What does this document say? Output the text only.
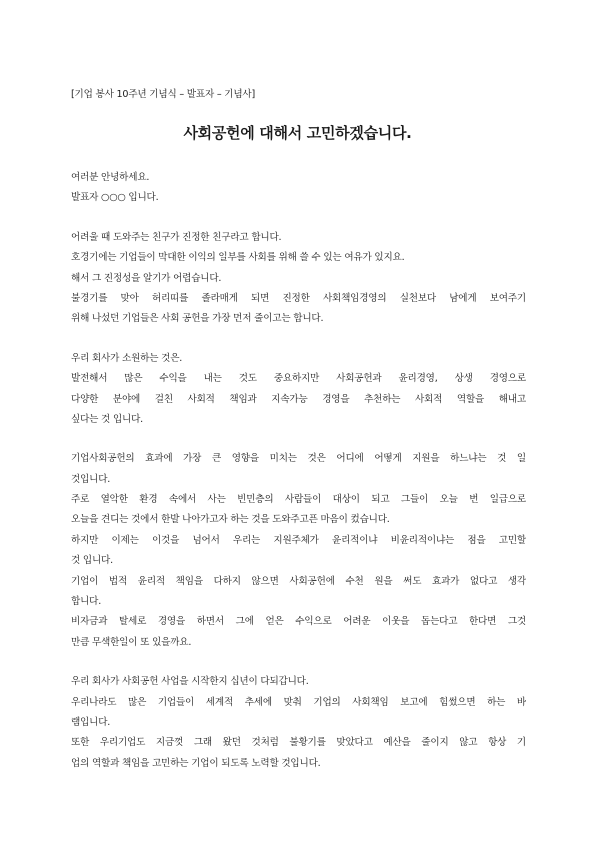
[기업 봉사 10주년 기념식 – 발표자 – 기념사]
사회공헌에 대해서 고민하겠습니다.
여러분 안녕하세요.
발표자 ○○○ 입니다.
어려울 때 도와주는 친구가 진정한 친구라고 합니다.
호경기에는 기업들이 막대한 이익의 일부를 사회를 위해 쓸 수 있는 여유가 있지요.
해서 그 진정성을 알기가 어렵습니다.
불경기를 맞아 허리띠를 졸라매게 되면 진정한 사회책임경영의 실천보다 남에게 보여주기
위해 나섰던 기업들은 사회 공헌을 가장 먼저 줄이고는 합니다.
우리 회사가 소원하는 것은.
발전해서 많은 수익을 내는 것도 중요하지만 사회공헌과 윤리경영, 상생 경영으로
다양한 분야에 걸친 사회적 책임과 지속가능 경영을 추천하는 사회적 역할을 해내고
싶다는 것 입니다.
기업사회공헌의 효과에 가장 큰 영향을 미치는 것은 어디에 어떻게 지원을 하느냐는 것 일
것입니다.
주로 열악한 환경 속에서 사는 빈민층의 사람들이 대상이 되고 그들이 오늘 번 일급으로
오늘을 견디는 것에서 한발 나아가고자 하는 것을 도와주고픈 마음이 컸습니다.
하지만 이제는 이것을 넘어서 우리는 지원주체가 윤리적이냐 비윤리적이냐는 점을 고민할
것 입니다.
기업이 법적 윤리적 책임을 다하지 않으면 사회공헌에 수천 원을 써도 효과가 없다고 생각
합니다.
비자금과 탈세로 경영을 하면서 그에 얻은 수익으로 어려운 이웃을 돕는다고 한다면 그것
만큼 무색한일이 또 있을까요.
우리 회사가 사회공헌 사업을 시작한지 십년이 다되갑니다.
우리나라도 많은 기업들이 세계적 추세에 맞춰 기업의 사회책임 보고에 힘썼으면 하는 바
램입니다.
또한 우리기업도 지금껏 그래 왔던 것처럼 불황기를 맞았다고 예산을 줄이지 않고 항상 기
업의 역할과 책임을 고민하는 기업이 되도록 노력할 것입니다.
